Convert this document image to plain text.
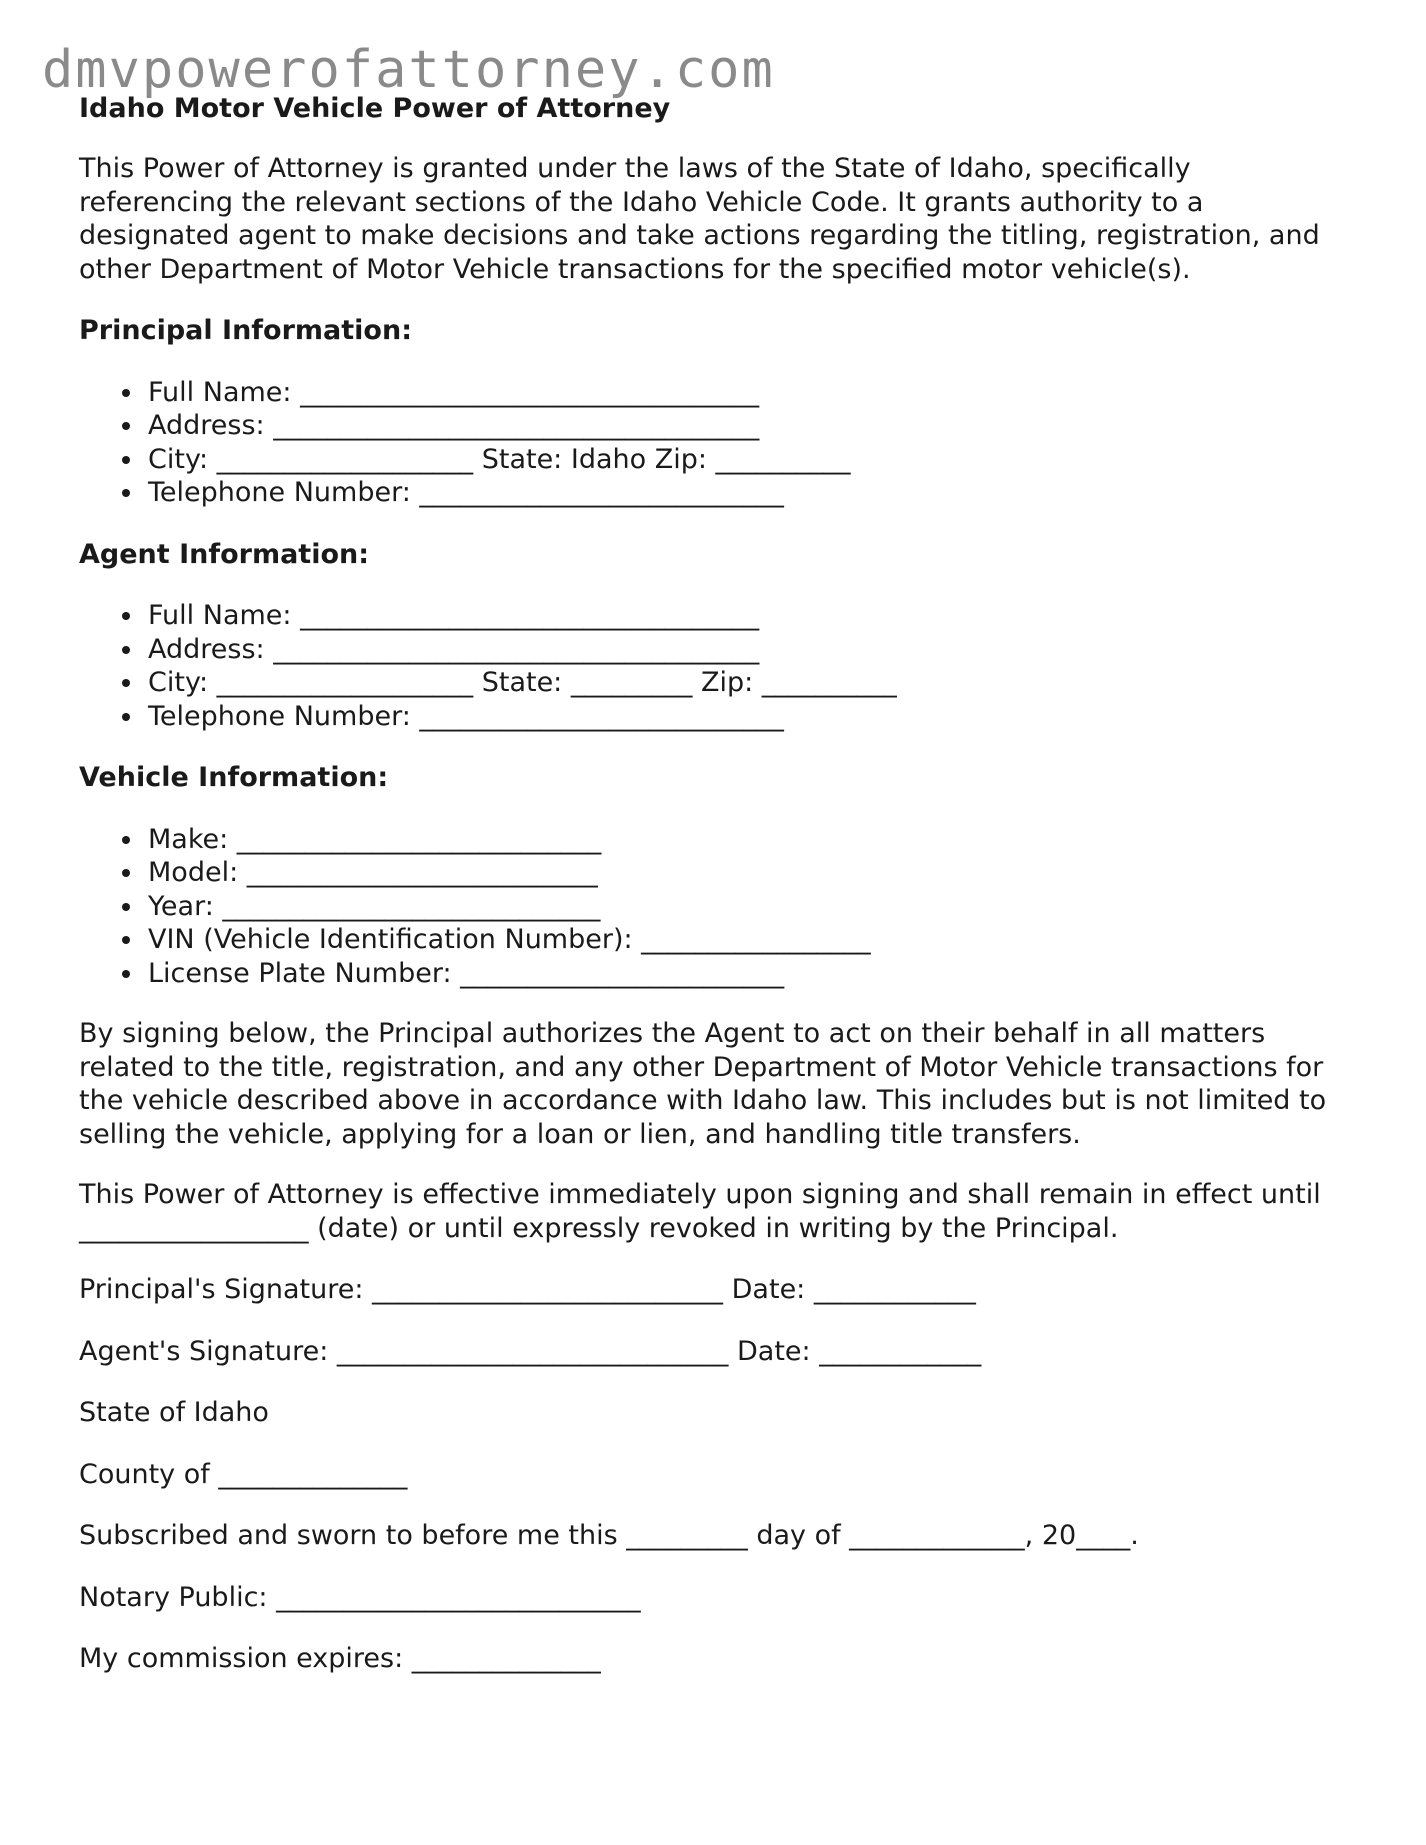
dmvpowerofattorney.com

Idaho Motor Vehicle Power of Attorney

This Power of Attorney is granted under the laws of the State of Idaho, specifically referencing the relevant sections of the Idaho Vehicle Code. It grants authority to a designated agent to make decisions and take actions regarding the titling, registration, and other Department of Motor Vehicle transactions for the specified motor vehicle(s).

Principal Information:

Full Name: __________________________________
Address: ____________________________________
City: ___________________ State: Idaho Zip: __________
Telephone Number: ___________________________

Agent Information:

Full Name: __________________________________
Address: ____________________________________
City: ___________________ State: _________ Zip: __________
Telephone Number: ___________________________

Vehicle Information:

Make: ___________________________
Model: __________________________
Year: ____________________________
VIN (Vehicle Identification Number): _________________
License Plate Number: ________________________

By signing below, the Principal authorizes the Agent to act on their behalf in all matters related to the title, registration, and any other Department of Motor Vehicle transactions for the vehicle described above in accordance with Idaho law. This includes but is not limited to selling the vehicle, applying for a loan or lien, and handling title transfers.

This Power of Attorney is effective immediately upon signing and shall remain in effect until _________________ (date) or until expressly revoked in writing by the Principal.

Principal's Signature: __________________________ Date: ____________

Agent's Signature: _____________________________ Date: ____________

State of Idaho

County of ______________

Subscribed and sworn to before me this _________ day of _____________, 20____.

Notary Public: ___________________________

My commission expires: ______________
